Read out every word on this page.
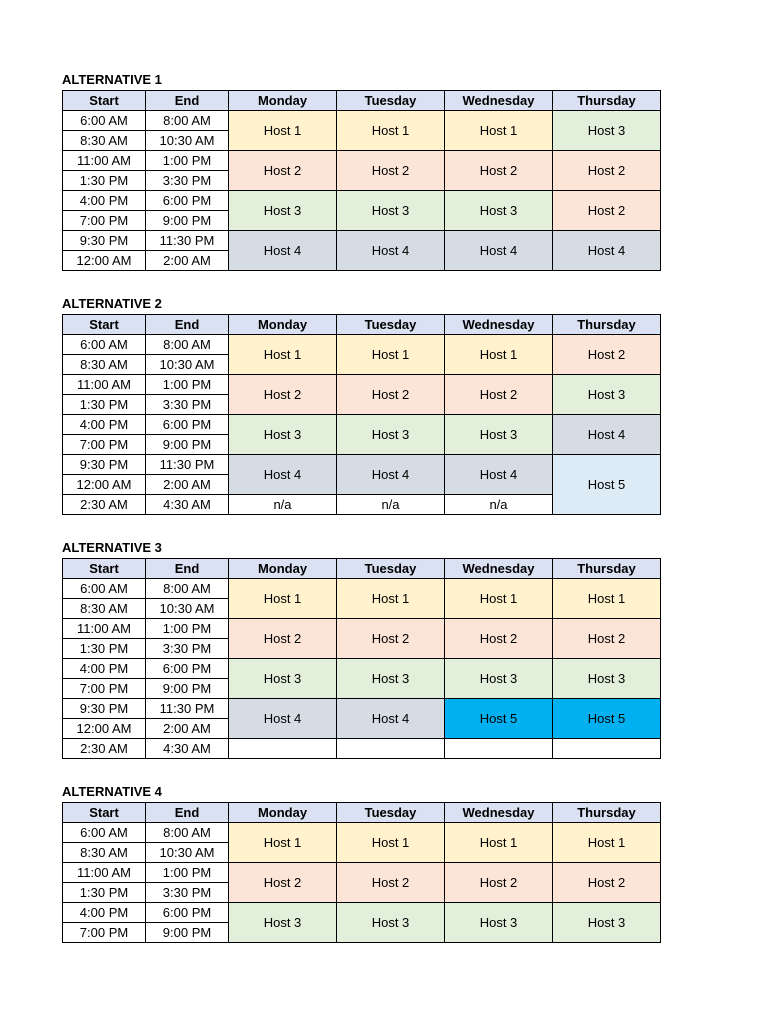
ALTERNATIVE 1
Start	End	Monday	Tuesday	Wednesday	Thursday
6:00 AM	8:00 AM	Host 1	Host 1	Host 1	Host 3
8:30 AM	10:30 AM				
11:00 AM	1:00 PM	Host 2	Host 2	Host 2	Host 2
1:30 PM	3:30 PM				
4:00 PM	6:00 PM	Host 3	Host 3	Host 3	Host 2
7:00 PM	9:00 PM				
9:30 PM	11:30 PM	Host 4	Host 4	Host 4	Host 4
12:00 AM	2:00 AM				
ALTERNATIVE 2
Start	End	Monday	Tuesday	Wednesday	Thursday
6:00 AM	8:00 AM	Host 1	Host 1	Host 1	Host 2
8:30 AM	10:30 AM				
11:00 AM	1:00 PM	Host 2	Host 2	Host 2	Host 3
1:30 PM	3:30 PM				
4:00 PM	6:00 PM	Host 3	Host 3	Host 3	Host 4
7:00 PM	9:00 PM				
9:30 PM	11:30 PM	Host 4	Host 4	Host 4	Host 5
12:00 AM	2:00 AM				
2:30 AM	4:30 AM	n/a	n/a	n/a	
ALTERNATIVE 3
Start	End	Monday	Tuesday	Wednesday	Thursday
6:00 AM	8:00 AM	Host 1	Host 1	Host 1	Host 1
8:30 AM	10:30 AM				
11:00 AM	1:00 PM	Host 2	Host 2	Host 2	Host 2
1:30 PM	3:30 PM				
4:00 PM	6:00 PM	Host 3	Host 3	Host 3	Host 3
7:00 PM	9:00 PM				
9:30 PM	11:30 PM	Host 4	Host 4	Host 5	Host 5
12:00 AM	2:00 AM				
2:30 AM	4:30 AM				
ALTERNATIVE 4
Start	End	Monday	Tuesday	Wednesday	Thursday
6:00 AM	8:00 AM	Host 1	Host 1	Host 1	Host 1
8:30 AM	10:30 AM				
11:00 AM	1:00 PM	Host 2	Host 2	Host 2	Host 2
1:30 PM	3:30 PM				
4:00 PM	6:00 PM	Host 3	Host 3	Host 3	Host 3
7:00 PM	9:00 PM				
